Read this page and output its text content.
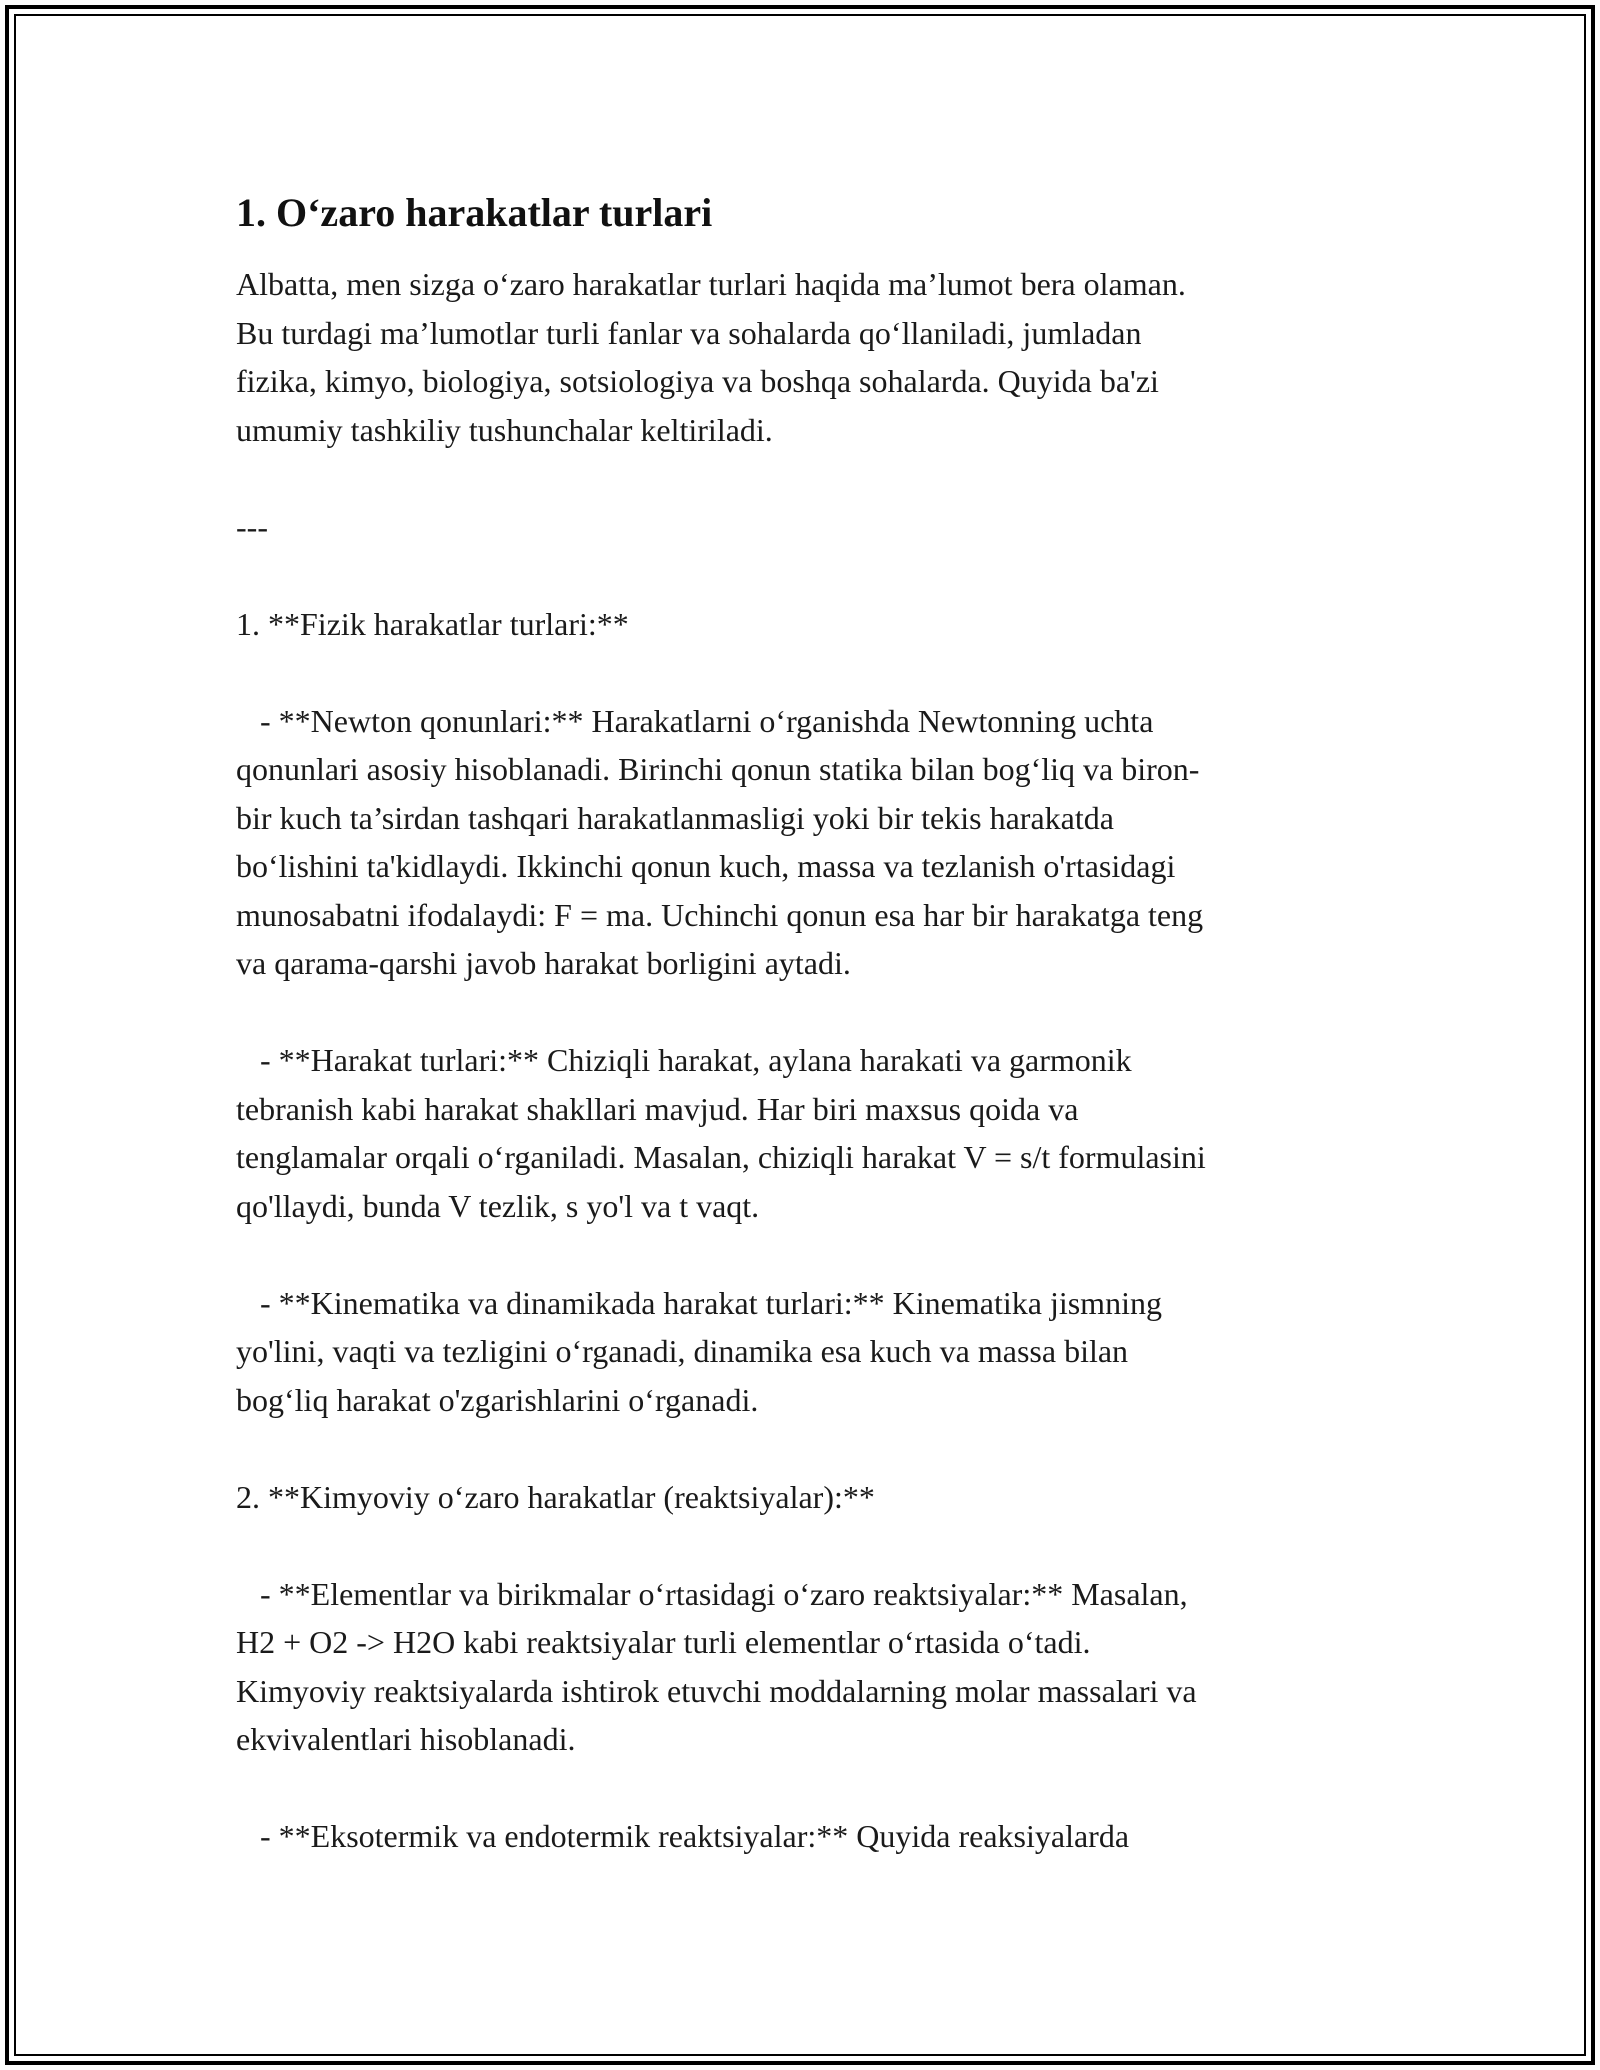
1. O‘zaro harakatlar turlari

Albatta, men sizga o‘zaro harakatlar turlari haqida ma’lumot bera olaman.
Bu turdagi ma’lumotlar turli fanlar va sohalarda qo‘llaniladi, jumladan
fizika, kimyo, biologiya, sotsiologiya va boshqa sohalarda. Quyida ba'zi
umumiy tashkiliy tushunchalar keltiriladi.

---

1. **Fizik harakatlar turlari:**

- **Newton qonunlari:** Harakatlarni o‘rganishda Newtonning uchta
qonunlari asosiy hisoblanadi. Birinchi qonun statika bilan bog‘liq va biron-
bir kuch ta’sirdan tashqari harakatlanmasligi yoki bir tekis harakatda
bo‘lishini ta'kidlaydi. Ikkinchi qonun kuch, massa va tezlanish o'rtasidagi
munosabatni ifodalaydi: F = ma. Uchinchi qonun esa har bir harakatga teng
va qarama-qarshi javob harakat borligini aytadi.

- **Harakat turlari:** Chiziqli harakat, aylana harakati va garmonik
tebranish kabi harakat shakllari mavjud. Har biri maxsus qoida va
tenglamalar orqali o‘rganiladi. Masalan, chiziqli harakat V = s/t formulasini
qo'llaydi, bunda V tezlik, s yo'l va t vaqt.

- **Kinematika va dinamikada harakat turlari:** Kinematika jismning
yo'lini, vaqti va tezligini o‘rganadi, dinamika esa kuch va massa bilan
bog‘liq harakat o'zgarishlarini o‘rganadi.

2. **Kimyoviy o‘zaro harakatlar (reaktsiyalar):**

- **Elementlar va birikmalar o‘rtasidagi o‘zaro reaktsiyalar:** Masalan,
H2 + O2 -> H2O kabi reaktsiyalar turli elementlar o‘rtasida o‘tadi.
Kimyoviy reaktsiyalarda ishtirok etuvchi moddalarning molar massalari va
ekvivalentlari hisoblanadi.

- **Eksotermik va endotermik reaktsiyalar:** Quyida reaksiyalarda
